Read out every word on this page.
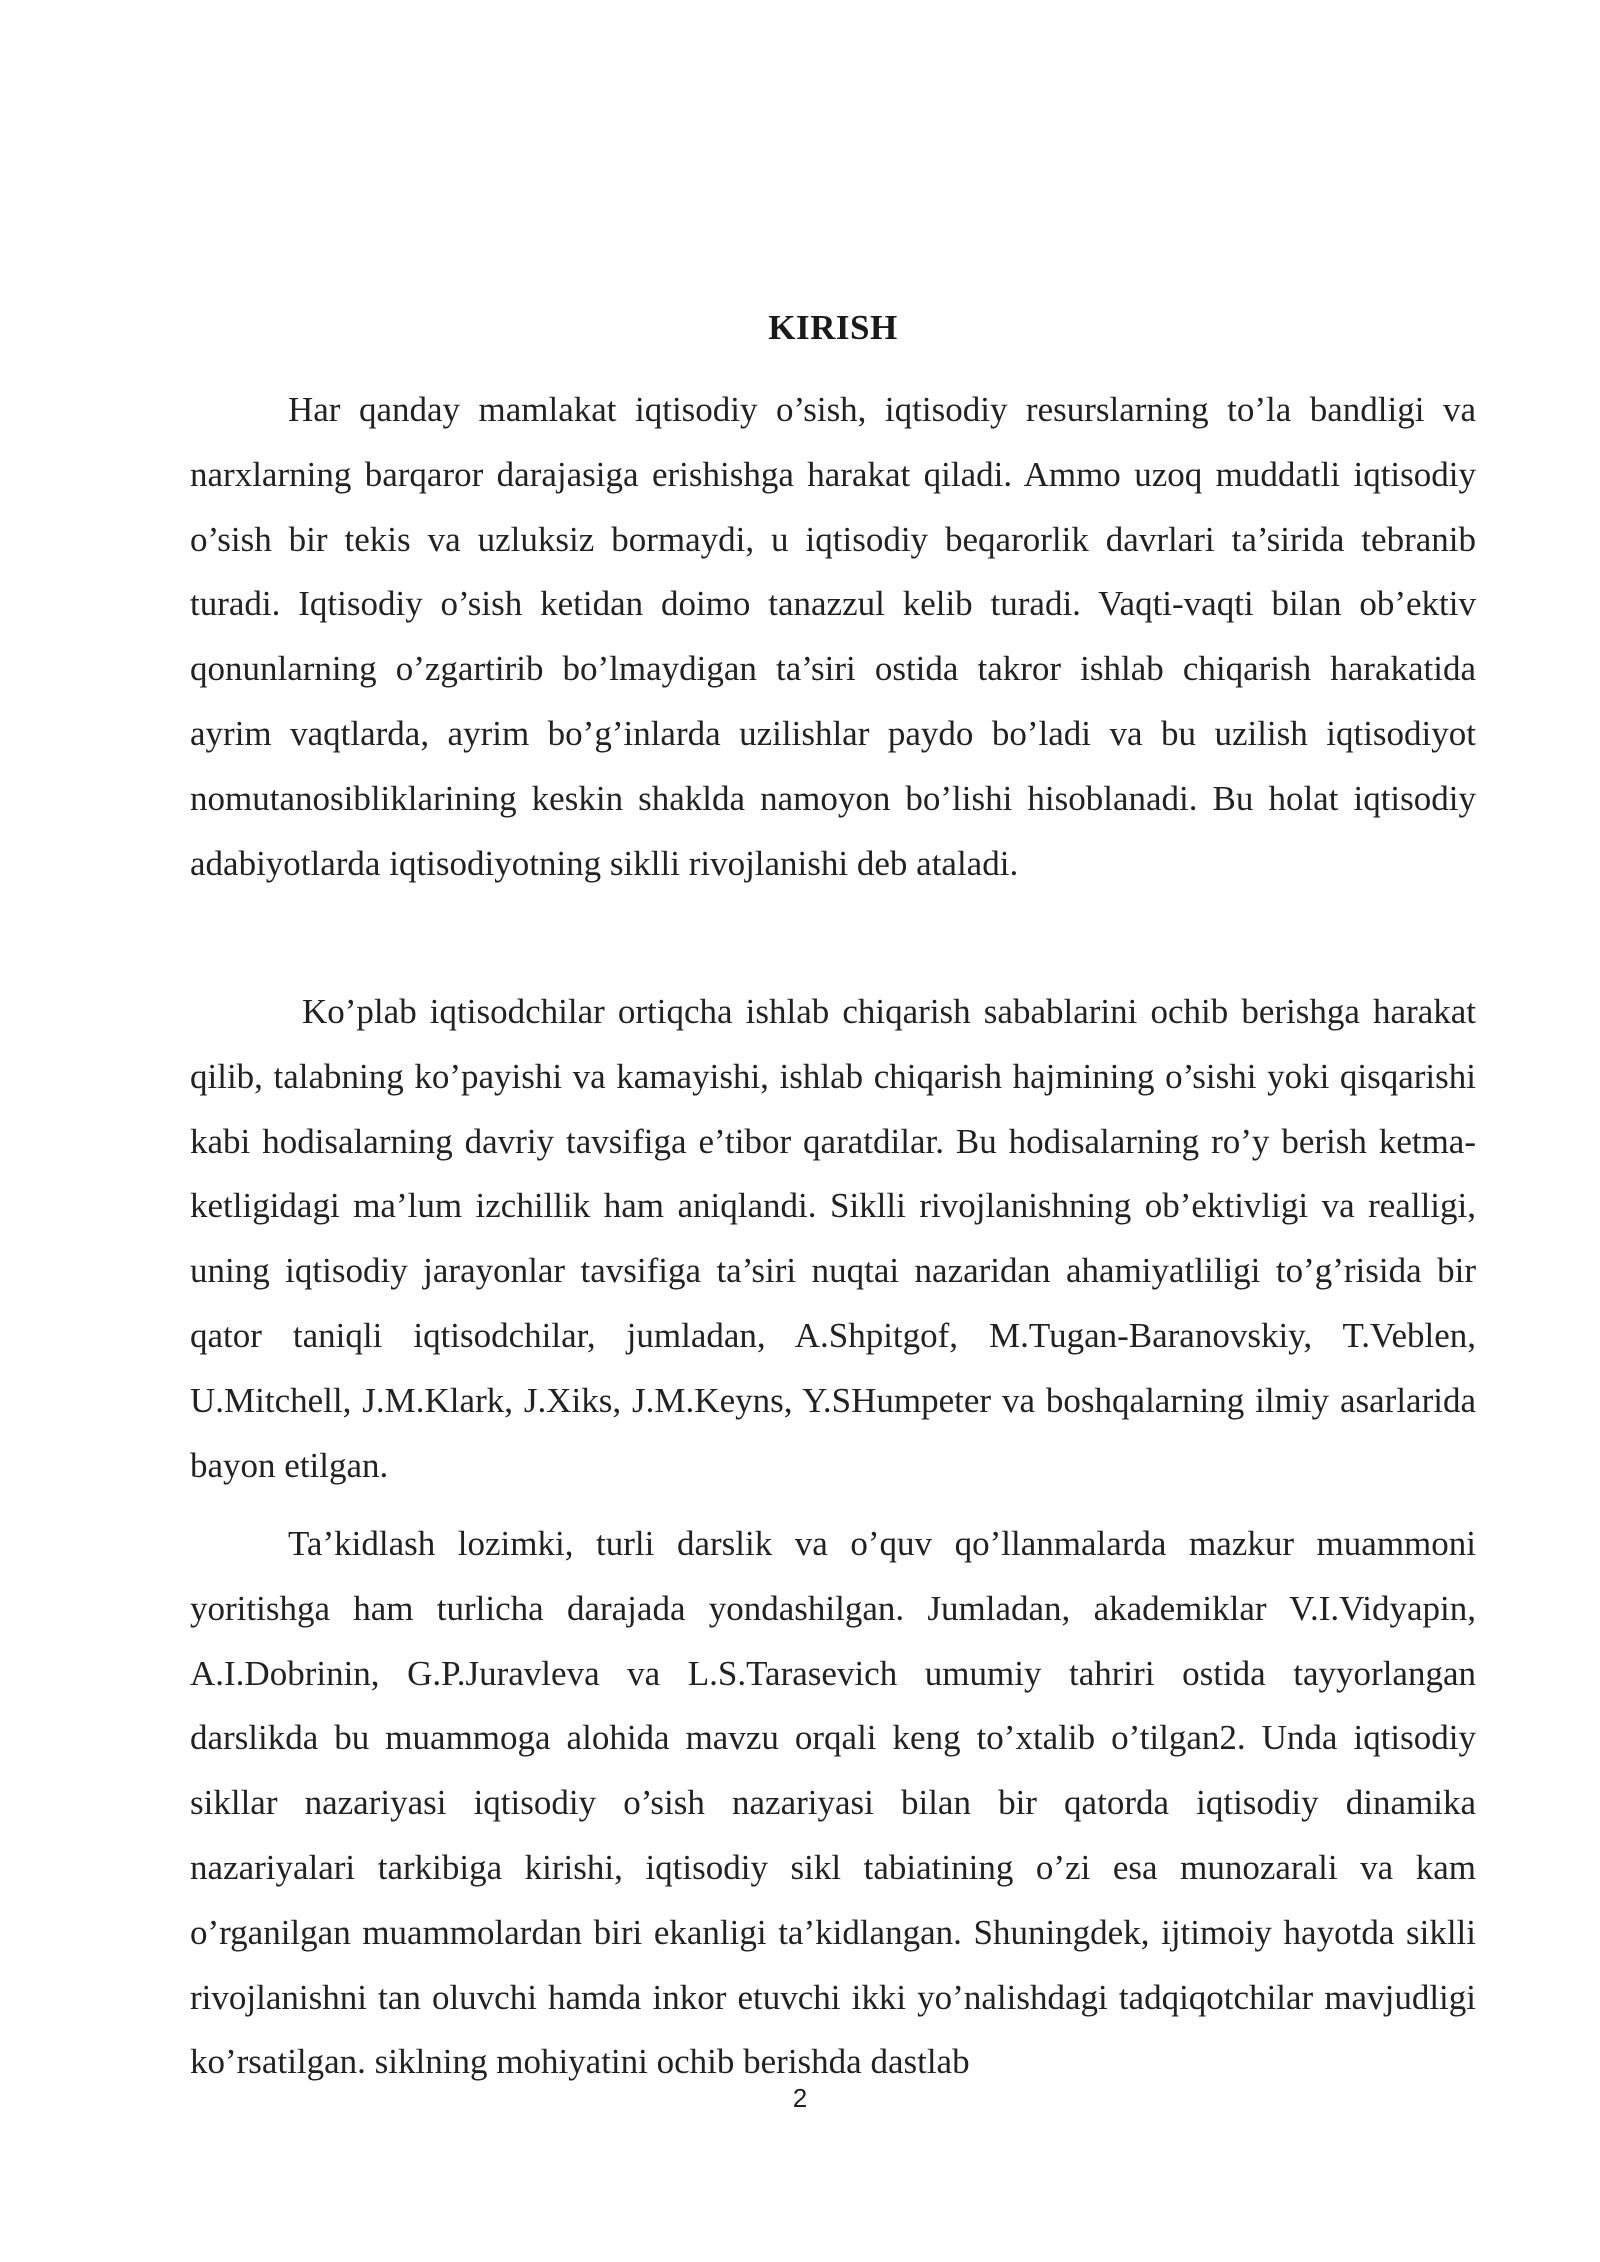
KIRISH

Har qanday mamlakat iqtisodiy o’sish, iqtisodiy resurslarning to’la bandligi va narxlarning barqaror darajasiga erishishga harakat qiladi. Ammo uzoq muddatli iqtisodiy o’sish bir tekis va uzluksiz bormaydi, u iqtisodiy beqarorlik davrlari ta’sirida tebranib turadi. Iqtisodiy o’sish ketidan doimo tanazzul kelib turadi. Vaqti-vaqti bilan ob’ektiv qonunlarning o’zgartirib bo’lmaydigan ta’siri ostida takror ishlab chiqarish harakatida ayrim vaqtlarda, ayrim bo’g’inlarda uzilishlar paydo bo’ladi va bu uzilish iqtisodiyot nomutanosibliklarining keskin shaklda namoyon bo’lishi hisoblanadi. Bu holat iqtisodiy adabiyotlarda iqtisodiyotning siklli rivojlanishi deb ataladi.

Ko’plab iqtisodchilar ortiqcha ishlab chiqarish sabablarini ochib berishga harakat qilib, talabning ko’payishi va kamayishi, ishlab chiqarish hajmining o’sishi yoki qisqarishi kabi hodisalarning davriy tavsifiga e’tibor qaratdilar. Bu hodisalarning ro’y berish ketma-ketligidagi ma’lum izchillik ham aniqlandi. Siklli rivojlanishning ob’ektivligi va realligi, uning iqtisodiy jarayonlar tavsifiga ta’siri nuqtai nazaridan ahamiyatliligi to’g’risida bir qator taniqli iqtisodchilar, jumladan, A.Shpitgof, M.Tugan-Baranovskiy, T.Veblen, U.Mitchell, J.M.Klark, J.Xiks, J.M.Keyns, Y.SHumpeter va boshqalarning ilmiy asarlarida bayon etilgan.

Ta’kidlash lozimki, turli darslik va o’quv qo’llanmalarda mazkur muammoni yoritishga ham turlicha darajada yondashilgan. Jumladan, akademiklar V.I.Vidyapin, A.I.Dobrinin, G.P.Juravleva va L.S.Tarasevich umumiy tahriri ostida tayyorlangan darslikda bu muammoga alohida mavzu orqali keng to’xtalib o’tilgan2. Unda iqtisodiy sikllar nazariyasi iqtisodiy o’sish nazariyasi bilan bir qatorda iqtisodiy dinamika nazariyalari tarkibiga kirishi, iqtisodiy sikl tabiatining o’zi esa munozarali va kam o’rganilgan muammolardan biri ekanligi ta’kidlangan. Shuningdek, ijtimoiy hayotda siklli rivojlanishni tan oluvchi hamda inkor etuvchi ikki yo’nalishdagi tadqiqotchilar mavjudligi ko’rsatilgan. siklning mohiyatini ochib berishda dastlab

2
